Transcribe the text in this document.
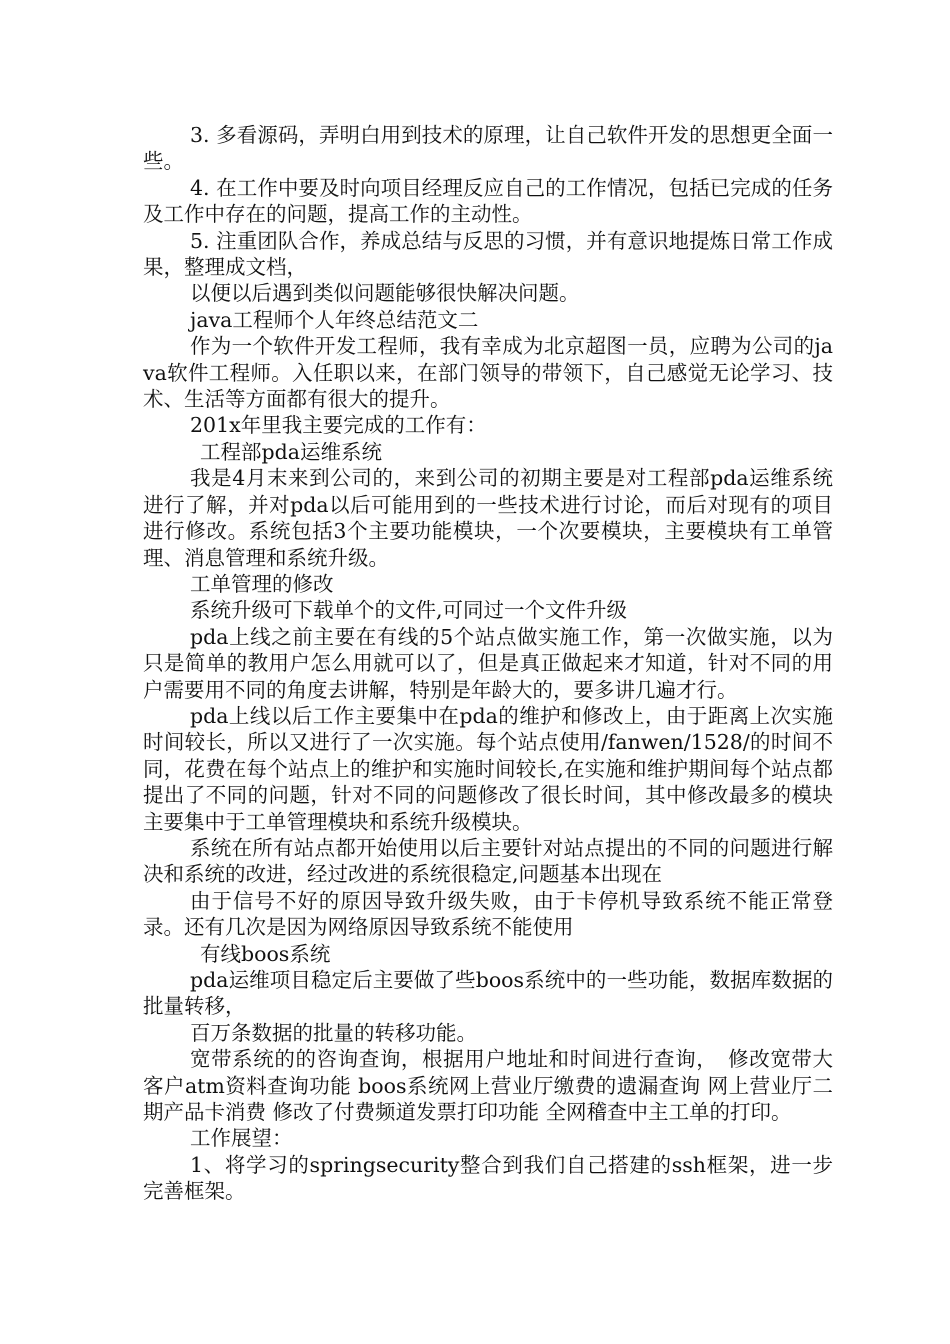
3. 多看源码，弄明白用到技术的原理，让自己软件开发的思想更全面一些。

4. 在工作中要及时向项目经理反应自己的工作情况，包括已完成的任务及工作中存在的问题，提高工作的主动性。

5. 注重团队合作，养成总结与反思的习惯，并有意识地提炼日常工作成果，整理成文档，

以便以后遇到类似问题能够很快解决问题。

java工程师个人年终总结范文二

作为一个软件开发工程师，我有幸成为北京超图一员，应聘为公司的java软件工程师。入任职以来，在部门领导的带领下，自己感觉无论学习、技术、生活等方面都有很大的提升。

201x年里我主要完成的工作有：

工程部pda运维系统

我是4月末来到公司的，来到公司的初期主要是对工程部pda运维系统进行了解，并对pda以后可能用到的一些技术进行讨论，而后对现有的项目进行修改。系统包括3个主要功能模块，一个次要模块，主要模块有工单管理、消息管理和系统升级。

工单管理的修改

系统升级可下载单个的文件,可同过一个文件升级

pda上线之前主要在有线的5个站点做实施工作，第一次做实施，以为只是简单的教用户怎么用就可以了，但是真正做起来才知道，针对不同的用户需要用不同的角度去讲解，特别是年龄大的，要多讲几遍才行。

pda上线以后工作主要集中在pda的维护和修改上，由于距离上次实施时间较长，所以又进行了一次实施。每个站点使用/fanwen/1528/的时间不同，花费在每个站点上的维护和实施时间较长,在实施和维护期间每个站点都提出了不同的问题，针对不同的问题修改了很长时间，其中修改最多的模块主要集中于工单管理模块和系统升级模块。

系统在所有站点都开始使用以后主要针对站点提出的不同的问题进行解决和系统的改进，经过改进的系统很稳定,问题基本出现在

由于信号不好的原因导致升级失败，由于卡停机导致系统不能正常登录。还有几次是因为网络原因导致系统不能使用

有线boos系统

pda运维项目稳定后主要做了些boos系统中的一些功能，数据库数据的批量转移，

百万条数据的批量的转移功能。

宽带系统的的咨询查询，根据用户地址和时间进行查询，　修改宽带大客户atm资料查询功能 boos系统网上营业厅缴费的遗漏查询 网上营业厅二期产品卡消费 修改了付费频道发票打印功能 全网稽查中主工单的打印。

工作展望：

1、将学习的springsecurity整合到我们自己搭建的ssh框架，进一步完善框架。
